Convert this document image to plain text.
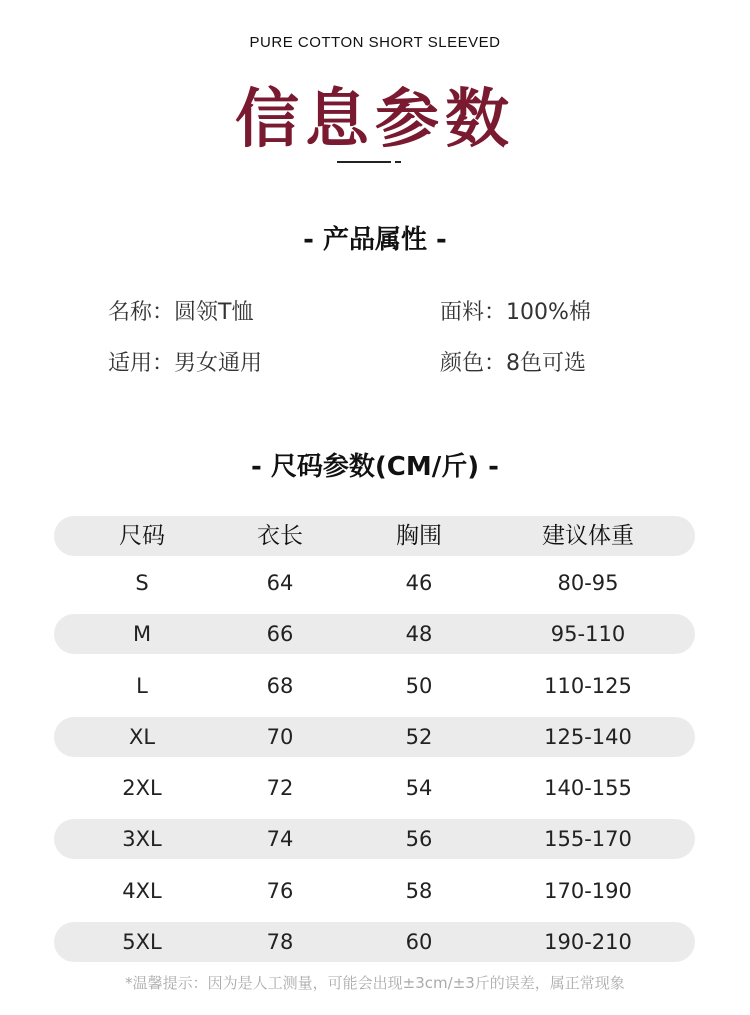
PURE COTTON SHORT SLEEVED
信息参数
- 产品属性 -
名称：圆领T恤	面料：100%棉
适用：男女通用	颜色：8色可选
- 尺码参数(CM/斤) -
尺码	衣长	胸围	建议体重
S	64	46	80-95
M	66	48	95-110
L	68	50	110-125
XL	70	52	125-140
2XL	72	54	140-155
3XL	74	56	155-170
4XL	76	58	170-190
5XL	78	60	190-210
*温馨提示：因为是人工测量，可能会出现±3cm/±3斤的误差，属正常现象
